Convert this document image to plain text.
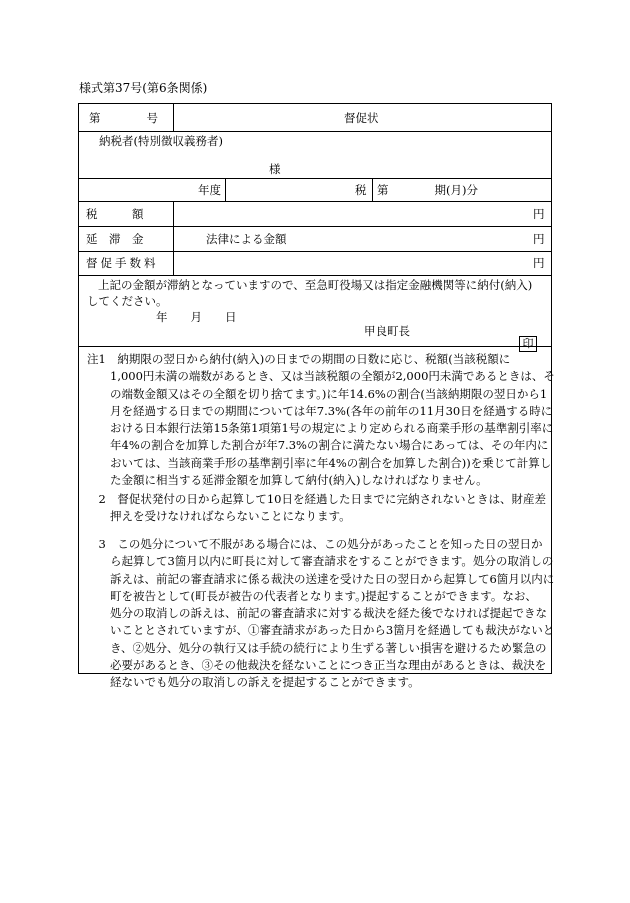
様式第37号(第6条関係)
第　　　　号	督促状
納税者(特別徴収義務者)
様
年度	税 第　　　　期(月)分
税　　　額	円
延　滞　金	法律による金額	円
督促手数料	円
上記の金額が滞納となっていますので、至急町役場又は指定金融機関等に納付(納入)
してください。
年　　月　　日
甲良町長
印
注1　納期限の翌日から納付(納入)の日までの期間の日数に応じ、税額(当該税額に
　　1,000円未満の端数があるとき、又は当該税額の全額が2,000円未満であるときは、そ
　　の端数金額又はその全額を切り捨てます。)に年14.6%の割合(当該納期限の翌日から1
　　月を経過する日までの期間については年7.3%(各年の前年の11月30日を経過する時に
　　おける日本銀行法第15条第1項第1号の規定により定められる商業手形の基準割引率に
　　年4%の割合を加算した割合が年7.3%の割合に満たない場合にあっては、その年内に
　　おいては、当該商業手形の基準割引率に年4%の割合を加算した割合))を乗じて計算し
　　た金額に相当する延滞金額を加算して納付(納入)しなければなりません。
　2　督促状発付の日から起算して10日を経過した日までに完納されないときは、財産差
　　押えを受けなければならないことになります。
　3　この処分について不服がある場合には、この処分があったことを知った日の翌日か
　　ら起算して3箇月以内に町長に対して審査請求をすることができます。処分の取消しの
　　訴えは、前記の審査請求に係る裁決の送達を受けた日の翌日から起算して6箇月以内に
　　町を被告として(町長が被告の代表者となります。)提起することができます。なお、
　　処分の取消しの訴えは、前記の審査請求に対する裁決を経た後でなければ提起できな
　　いこととされていますが、①審査請求があった日から3箇月を経過しても裁決がないと
　　き、②処分、処分の執行又は手続の続行により生ずる著しい損害を避けるため緊急の
　　必要があるとき、③その他裁決を経ないことにつき正当な理由があるときは、裁決を
　　経ないでも処分の取消しの訴えを提起することができます。
